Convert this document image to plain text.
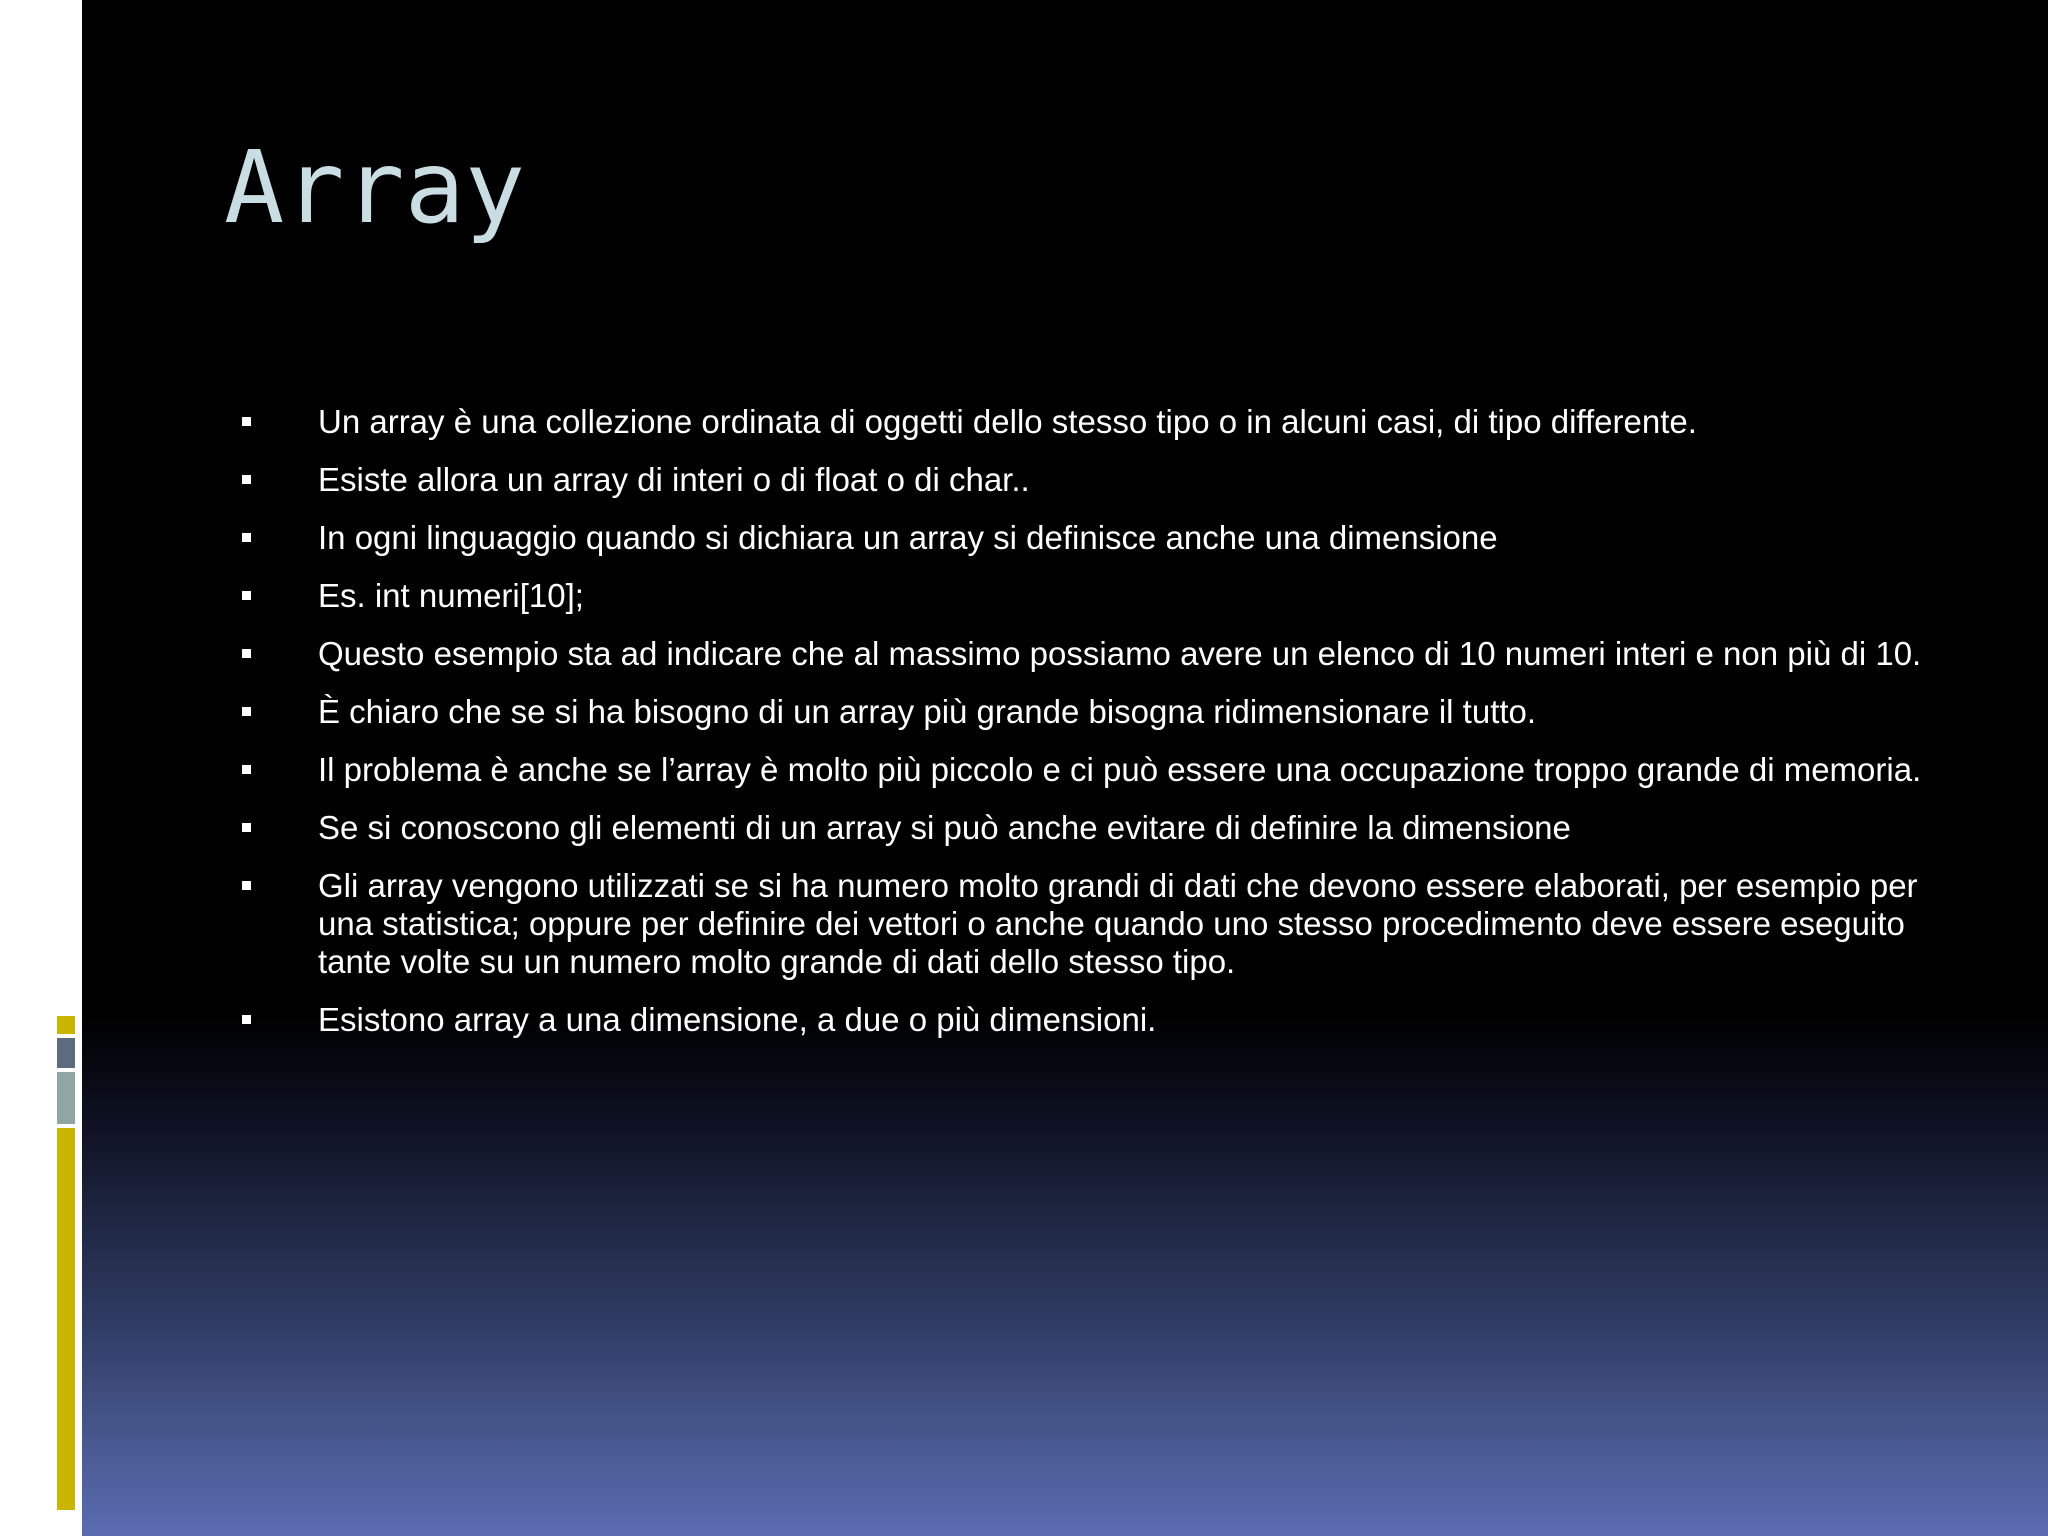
Array
Un array è una collezione ordinata di oggetti dello stesso tipo o in alcuni casi, di tipo differente.
Esiste allora un array di interi o di float o di char..
In ogni linguaggio quando si dichiara un array si definisce anche una dimensione
Es. int numeri[10];
Questo esempio sta ad indicare che al massimo possiamo avere un elenco di 10 numeri interi e non più di 10.
È chiaro che se si ha bisogno di un array più grande bisogna ridimensionare il tutto.
Il problema è anche se l’array è molto più piccolo e ci può essere una occupazione troppo grande di memoria.
Se si conoscono gli elementi di un array si può anche evitare di definire la dimensione
Gli array vengono utilizzati se si ha numero molto grandi di dati che devono essere elaborati, per esempio per una statistica; oppure per definire dei vettori o anche quando uno stesso procedimento deve essere eseguito tante volte su un numero molto grande di dati dello stesso tipo.
Esistono array a una dimensione, a due o più dimensioni.
